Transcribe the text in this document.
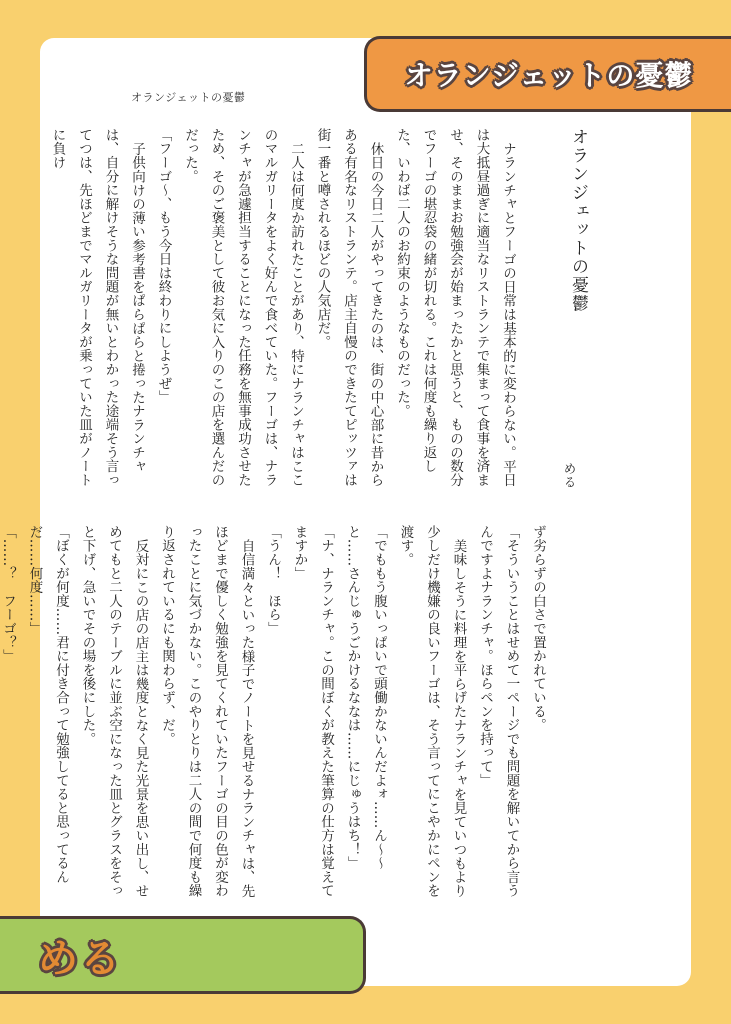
オランジェットの憂鬱
オランジェットの憂鬱
オランジェットの憂鬱
める

ナランチャとフーゴの日常は基本的に変わらない。平日は大抵昼過ぎに適当なリストランテで集まって食事を済ませ、そのままお勉強会が始まったかと思うと、ものの数分でフーゴの堪忍袋の緒が切れる。これは何度も繰り返した、いわば二人のお約束のようなものだった。

休日の今日二人がやってきたのは、街の中心部に昔からある有名なリストランテ。店主自慢のできたてピッツァは街一番と噂されるほどの人気店だ。

二人は何度か訪れたことがあり、特にナランチャはここのマルガリータをよく好んで食べていた。フーゴは、ナランチャが急遽担当することになった任務を無事成功させたため、そのご褒美として彼お気に入りのこの店を選んだのだった。

「フーゴ〜、もう今日は終わりにしようぜ」

子供向けの薄い参考書をぱらぱらと捲ったナランチャは、自分に解けそうな問題が無いとわかった途端そう言ってつは、先ほどまでマルガリータが乗っていた皿がノートに負け

ず劣らずの白さで置かれている。

「そういうことはせめて一ページでも問題を解いてから言うんですよナランチャ。ほらペンを持って」

美味しそうに料理を平らげたナランチャを見ていつもより少しだけ機嫌の良いフーゴは、そう言ってにこやかにペンを渡す。

「でももう腹いっぱいで頭働かないんだよォ……ん〜〜と……さんじゅうごかけるななは……にじゅうはち！」

「ナ、ナランチャ。この間ぼくが教えた筆算の仕方は覚えてますか」

「うん！　ほら」

自信満々といった様子でノートを見せるナランチャは、先ほどまで優しく勉強を見てくれていたフーゴの目の色が変わったことに気づかない。このやりとりは二人の間で何度も繰り返されているにも関わらず、だ。

反対にこの店の店主は幾度となく見た光景を思い出し、せめてもと二人のテーブルに並ぶ空になった皿とグラスをそっと下げ、急いでその場を後にした。

「ぼくが何度……君に付き合って勉強してると思ってるんだ……何度……」

「……？　フーゴ？」

める
